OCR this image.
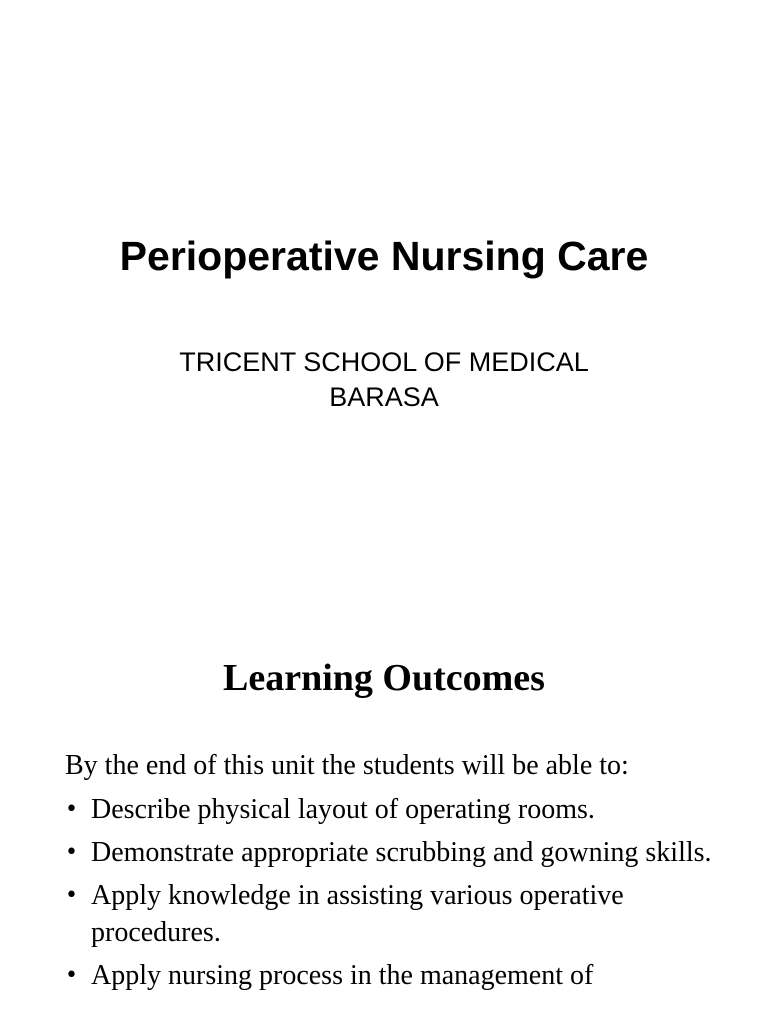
Perioperative Nursing Care
TRICENT SCHOOL OF MEDICAL
BARASA
Learning Outcomes

By the end of this unit the students will be able to:

• Describe physical layout of operating rooms.
• Demonstrate appropriate scrubbing and gowning skills.
• Apply knowledge in assisting various operative procedures.
• Apply nursing process in the management of
